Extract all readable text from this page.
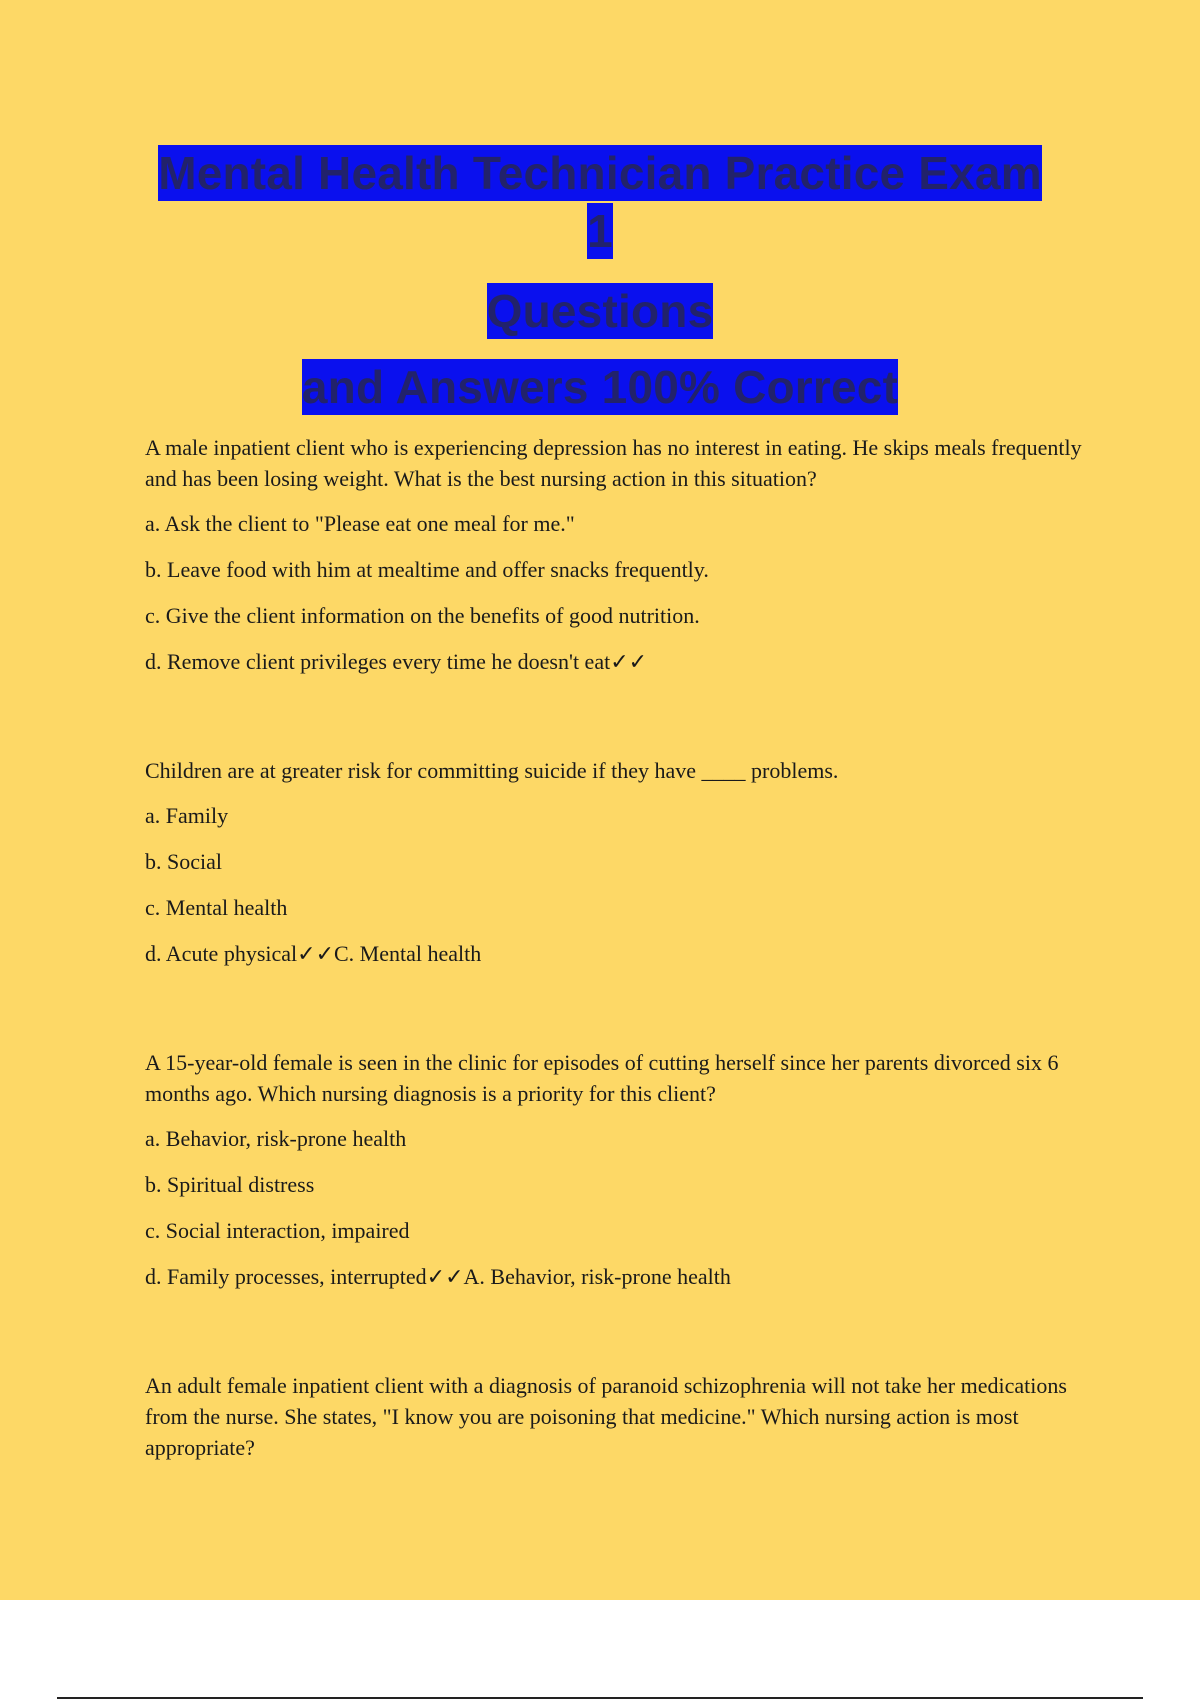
Mental Health Technician Practice Exam
1
Questions
and Answers 100% Correct

A male inpatient client who is experiencing depression has no interest in eating. He skips meals frequently and has been losing weight. What is the best nursing action in this situation?

a. Ask the client to "Please eat one meal for me."

b. Leave food with him at mealtime and offer snacks frequently.

c. Give the client information on the benefits of good nutrition.

d. Remove client privileges every time he doesn't eat✓✓

Children are at greater risk for committing suicide if they have ____ problems.

a. Family

b. Social

c. Mental health

d. Acute physical✓✓C. Mental health

A 15-year-old female is seen in the clinic for episodes of cutting herself since her parents divorced six 6 months ago. Which nursing diagnosis is a priority for this client?

a. Behavior, risk-prone health

b. Spiritual distress

c. Social interaction, impaired

d. Family processes, interrupted✓✓A. Behavior, risk-prone health

An adult female inpatient client with a diagnosis of paranoid schizophrenia will not take her medications from the nurse. She states, "I know you are poisoning that medicine." Which nursing action is most appropriate?
